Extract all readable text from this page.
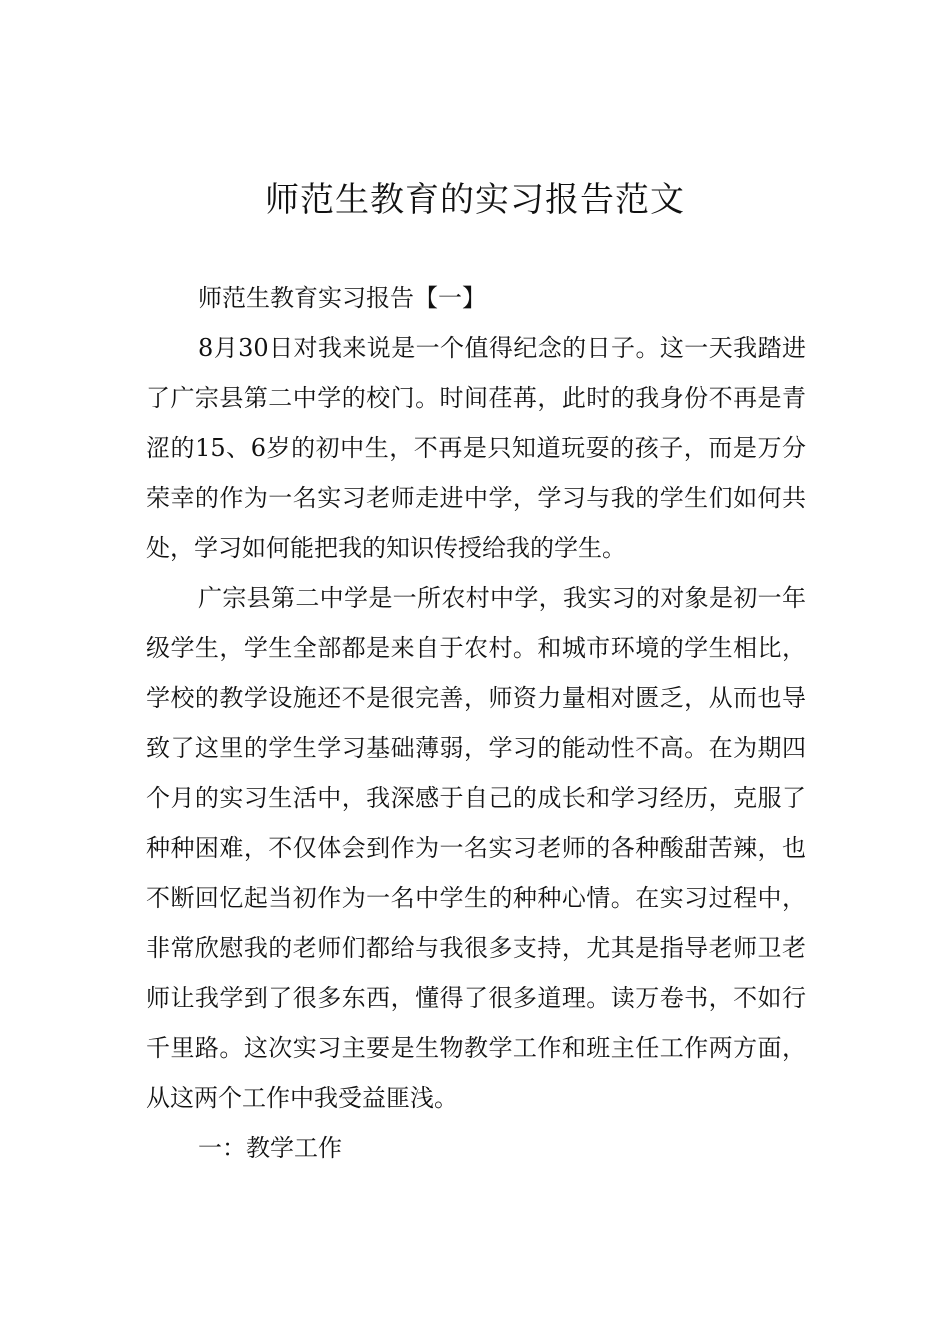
师范生教育的实习报告范文

师范生教育实习报告【一】

8月30日对我来说是一个值得纪念的日子。这一天我踏进了广宗县第二中学的校门。时间荏苒，此时的我身份不再是青涩的15、6岁的初中生，不再是只知道玩耍的孩子，而是万分荣幸的作为一名实习老师走进中学，学习与我的学生们如何共处，学习如何能把我的知识传授给我的学生。

广宗县第二中学是一所农村中学，我实习的对象是初一年级学生，学生全部都是来自于农村。和城市环境的学生相比，学校的教学设施还不是很完善，师资力量相对匮乏，从而也导致了这里的学生学习基础薄弱，学习的能动性不高。在为期四个月的实习生活中，我深感于自己的成长和学习经历，克服了种种困难，不仅体会到作为一名实习老师的各种酸甜苦辣，也不断回忆起当初作为一名中学生的种种心情。在实习过程中，非常欣慰我的老师们都给与我很多支持，尤其是指导老师卫老师让我学到了很多东西，懂得了很多道理。读万卷书，不如行千里路。这次实习主要是生物教学工作和班主任工作两方面，从这两个工作中我受益匪浅。

一：教学工作
